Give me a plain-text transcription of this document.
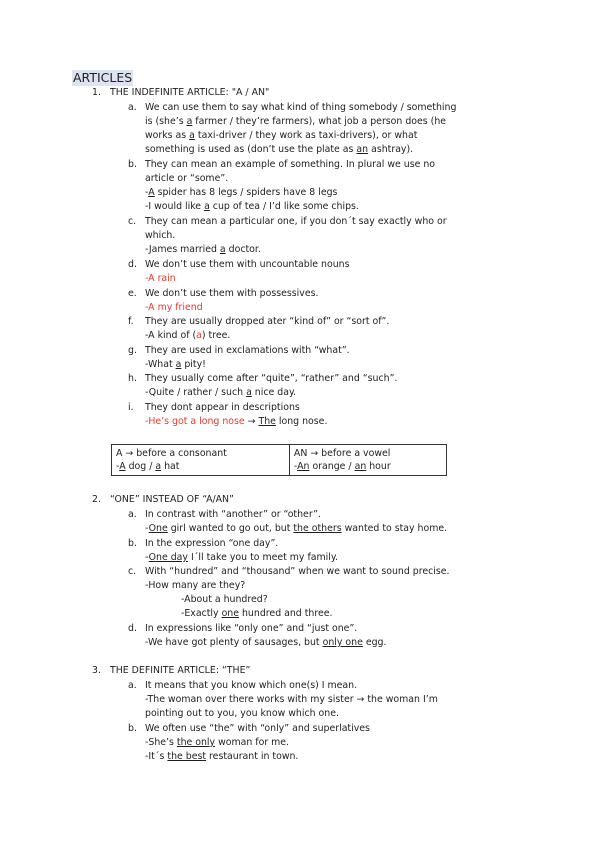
ARTICLES
1. THE INDEFINITE ARTICLE: "A / AN"
a. We can use them to say what kind of thing somebody / something
is (she’s a farmer / they’re farmers), what job a person does (he
works as a taxi-driver / they work as taxi-drivers), or what
something is used as (don’t use the plate as an ashtray).
b. They can mean an example of something. In plural we use no
article or “some”.
-A spider has 8 legs / spiders have 8 legs
-I would like a cup of tea / I’d like some chips.
c. They can mean a particular one, if you don´t say exactly who or
which.
-James married a doctor.
d. We don’t use them with uncountable nouns
-A rain
e. We don’t use them with possessives.
-A my friend
f. They are usually dropped ater “kind of” or “sort of”.
-A kind of (a) tree.
g. They are used in exclamations with “what”.
-What a pity!
h. They usually come after “quite”, “rather” and “such”.
-Quite / rather / such a nice day.
i. They dont appear in descriptions
-He’s got a long nose → The long nose.
A → before a consonant
-A dog / a hat

AN → before a vowel
-An orange / an hour
2. “ONE” INSTEAD OF “A/AN”
a. In contrast with “another” or “other”.
-One girl wanted to go out, but the others wanted to stay home.
b. In the expression “one day”.
-One day I´ll take you to meet my family.
c. With “hundred” and “thousand” when we want to sound precise.
-How many are they?
-About a hundred?
-Exactly one hundred and three.
d. In expressions like “only one” and “just one”.
-We have got plenty of sausages, but only one egg.
3. THE DEFINITE ARTICLE: “THE”
a. It means that you know which one(s) I mean.
-The woman over there works with my sister → the woman I’m
pointing out to you, you know which one.
b. We often use “the” with “only” and superlatives
-She’s the only woman for me.
-It´s the best restaurant in town.
